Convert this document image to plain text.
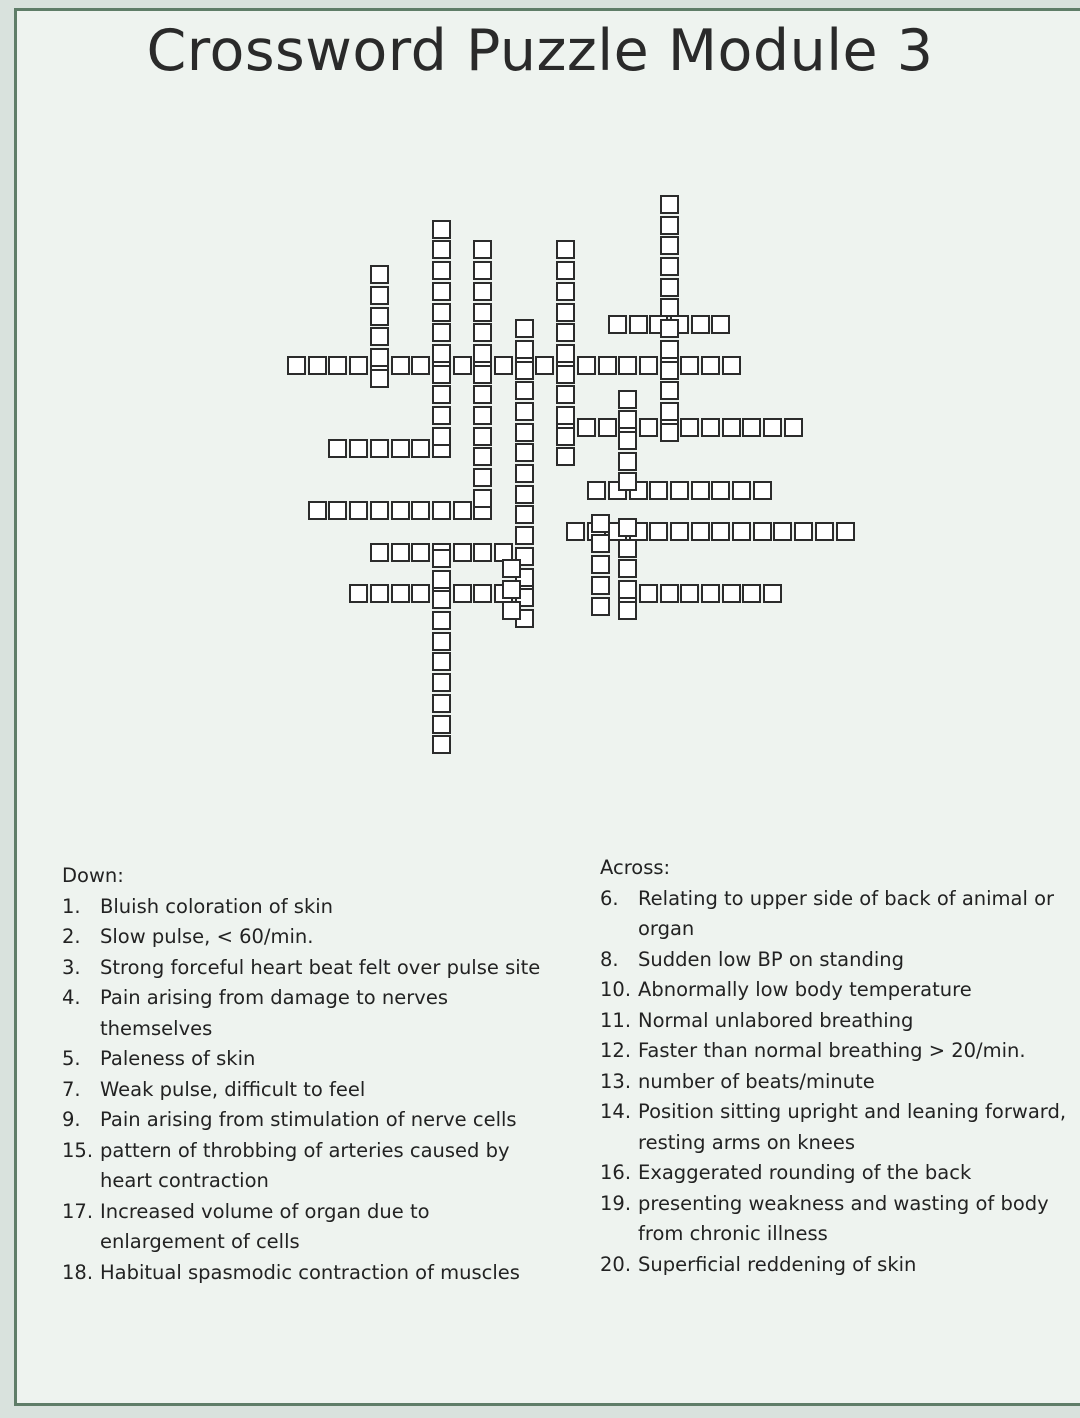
Crossword Puzzle Module 3
Down:
1. Bluish coloration of skin
2. Slow pulse, < 60/min.
3. Strong forceful heart beat felt over pulse site
4. Pain arising from damage to nerves themselves
5. Paleness of skin
7. Weak pulse, difficult to feel
9. Pain arising from stimulation of nerve cells
15. pattern of throbbing of arteries caused by heart contraction
17. Increased volume of organ due to enlargement of cells
18. Habitual spasmodic contraction of muscles
Across:
6. Relating to upper side of back of animal or organ
8. Sudden low BP on standing
10. Abnormally low body temperature
11. Normal unlabored breathing
12. Faster than normal breathing > 20/min.
13. number of beats/minute
14. Position sitting upright and leaning forward, resting arms on knees
16. Exaggerated rounding of the back
19. presenting weakness and wasting of body from chronic illness
20. Superficial reddening of skin
